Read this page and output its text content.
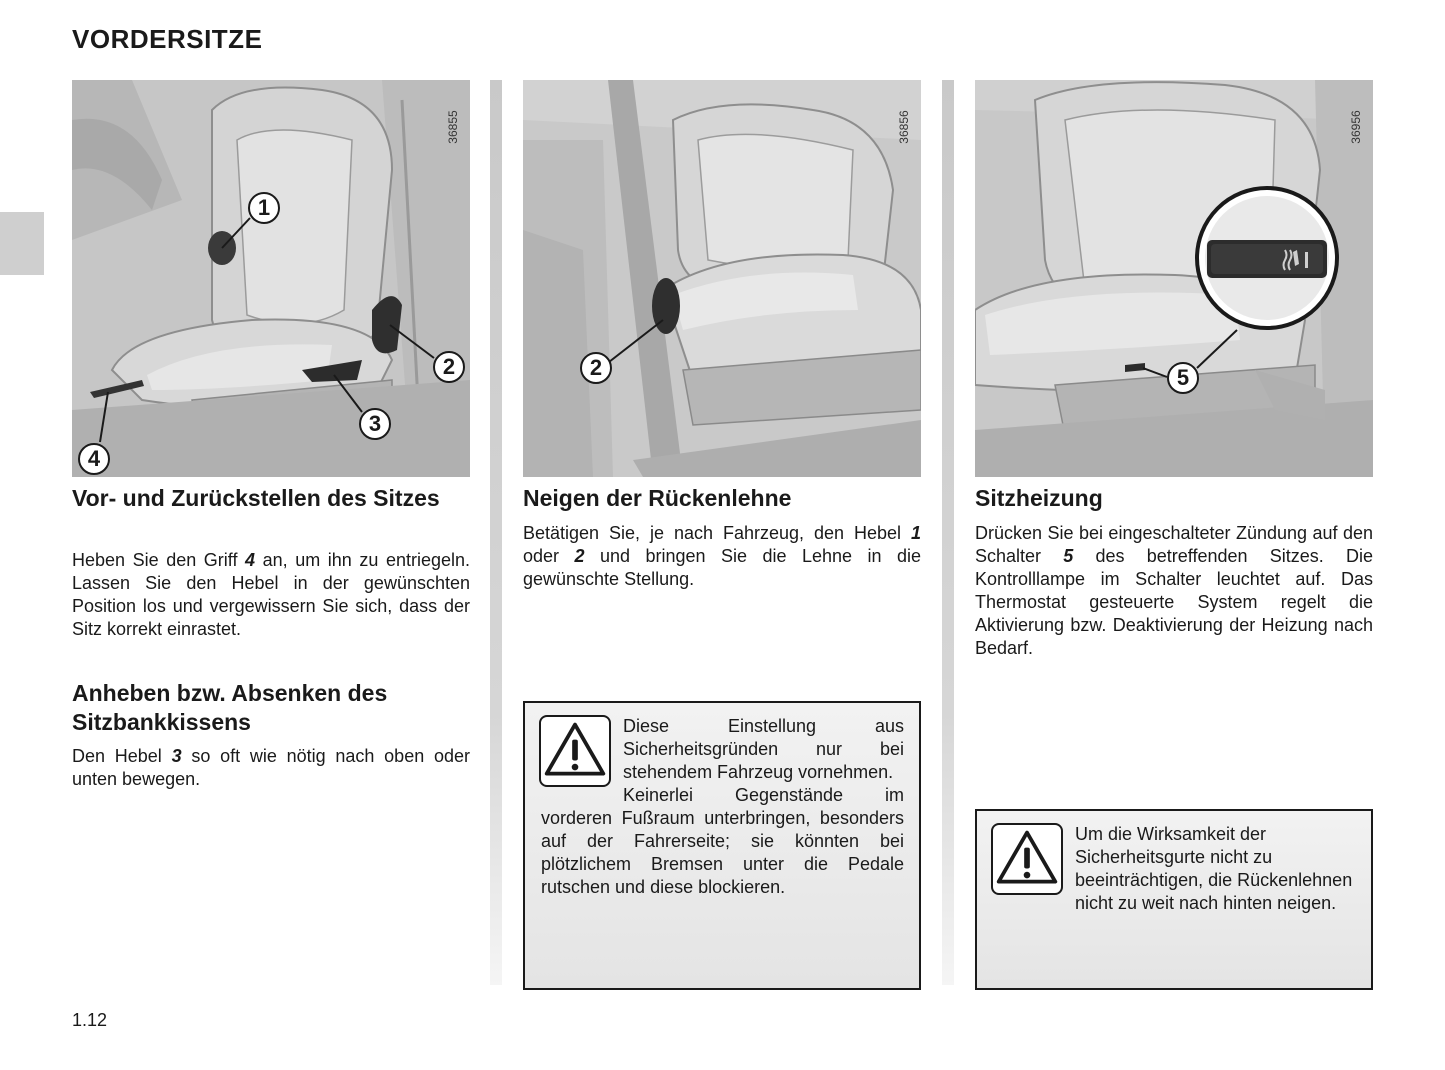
VORDERSITZE
36855
1
2
3
4
36856
2
36956
5
Vor- und Zurückstellen des Sitzes
Heben Sie den Griff 4 an, um ihn zu entriegeln. Lassen Sie den Hebel in der gewünschten Position los und vergewissern Sie sich, dass der Sitz korrekt einrastet.
Anheben bzw. Absenken des Sitzbankkissens
Den Hebel 3 so oft wie nötig nach oben oder unten bewegen.
Neigen der Rückenlehne
Betätigen Sie, je nach Fahrzeug, den Hebel 1 oder 2 und bringen Sie die Lehne in die gewünschte Stellung.

Diese Einstellung aus Sicherheitsgründen nur bei stehendem Fahrzeug vornehmen.

Keinerlei Gegenstände im vorderen Fußraum unterbringen, besonders auf der Fahrerseite; sie könnten bei plötzlichem Bremsen unter die Pedale rutschen und diese blockieren.

Sitzheizung
Drücken Sie bei eingeschalteter Zündung auf den Schalter 5 des betreffenden Sitzes. Die Kontrolllampe im Schalter leuchtet auf. Das Thermostat gesteuerte System regelt die Aktivierung bzw. Deaktivierung der Heizung nach Bedarf.

Um die Wirksamkeit der Sicherheitsgurte nicht zu beeinträchtigen, die Rückenlehnen nicht zu weit nach hinten neigen.

1.12
